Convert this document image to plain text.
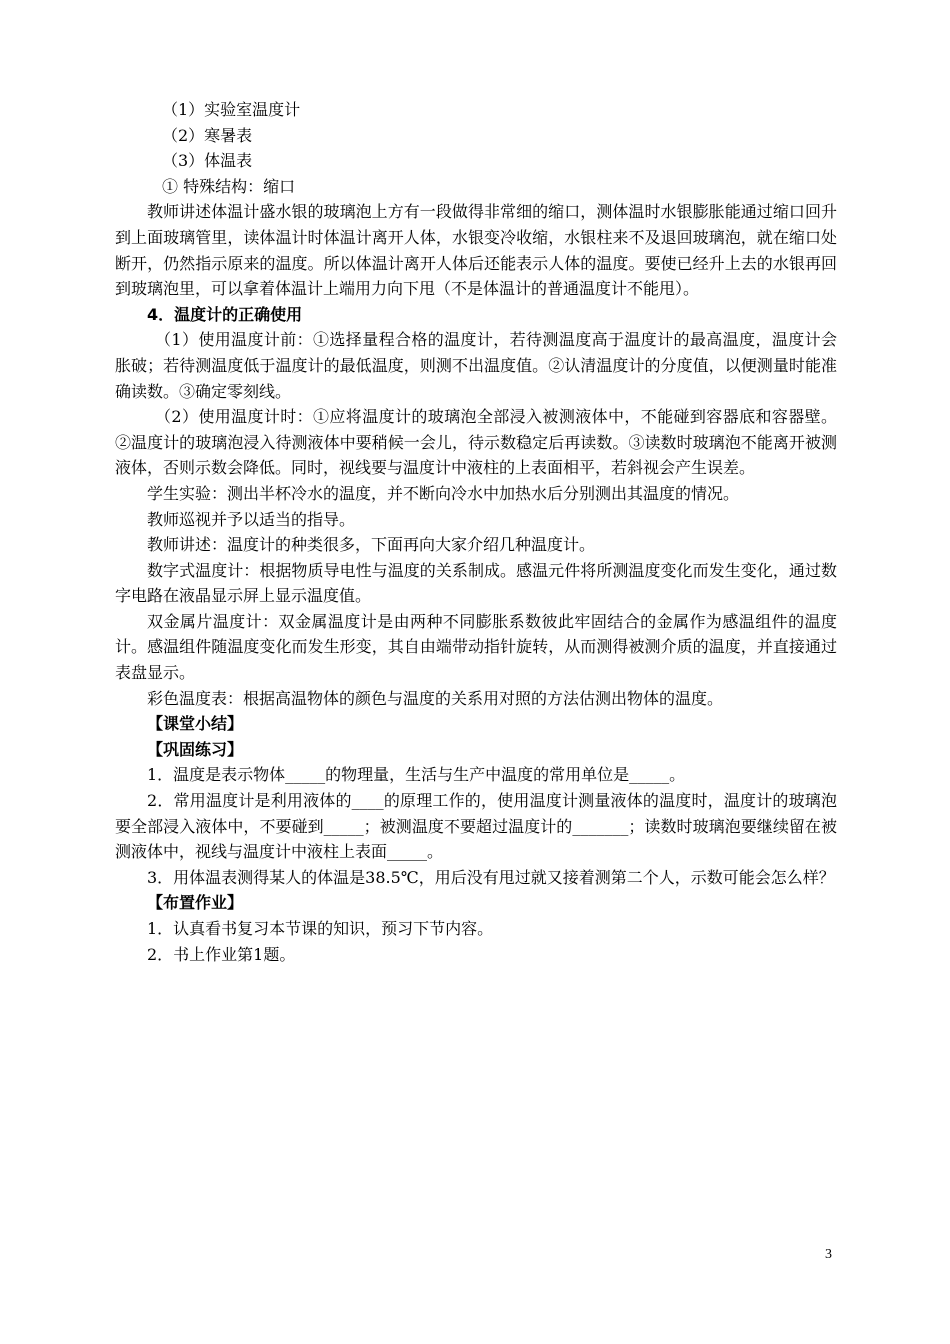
（1）实验室温度计

（2）寒暑表

（3）体温表

① 特殊结构：缩口

教师讲述体温计盛水银的玻璃泡上方有一段做得非常细的缩口，测体温时水银膨胀能通过缩口回升到上面玻璃管里，读体温计时体温计离开人体，水银变冷收缩，水银柱来不及退回玻璃泡，就在缩口处断开，仍然指示原来的温度。所以体温计离开人体后还能表示人体的温度。要使已经升上去的水银再回到玻璃泡里，可以拿着体温计上端用力向下甩（不是体温计的普通温度计不能甩）。

4．温度计的正确使用

（1）使用温度计前：①选择量程合格的温度计，若待测温度高于温度计的最高温度，温度计会胀破；若待测温度低于温度计的最低温度，则测不出温度值。②认清温度计的分度值，以便测量时能准确读数。③确定零刻线。

（2）使用温度计时：①应将温度计的玻璃泡全部浸入被测液体中，不能碰到容器底和容器壁。②温度计的玻璃泡浸入待测液体中要稍候一会儿，待示数稳定后再读数。③读数时玻璃泡不能离开被测液体，否则示数会降低。同时，视线要与温度计中液柱的上表面相平，若斜视会产生误差。

学生实验：测出半杯冷水的温度，并不断向冷水中加热水后分别测出其温度的情况。

教师巡视并予以适当的指导。

教师讲述：温度计的种类很多，下面再向大家介绍几种温度计。

数字式温度计：根据物质导电性与温度的关系制成。感温元件将所测温度变化而发生变化，通过数字电路在液晶显示屏上显示温度值。

双金属片温度计：双金属温度计是由两种不同膨胀系数彼此牢固结合的金属作为感温组件的温度计。感温组件随温度变化而发生形变，其自由端带动指针旋转，从而测得被测介质的温度，并直接通过表盘显示。

彩色温度表：根据高温物体的颜色与温度的关系用对照的方法估测出物体的温度。

【课堂小结】

【巩固练习】

1．温度是表示物体_____的物理量，生活与生产中温度的常用单位是_____。

2．常用温度计是利用液体的____的原理工作的，使用温度计测量液体的温度时，温度计的玻璃泡要全部浸入液体中，不要碰到_____；被测温度不要超过温度计的_______；读数时玻璃泡要继续留在被测液体中，视线与温度计中液柱上表面_____。

3．用体温表测得某人的体温是38.5℃，用后没有甩过就又接着测第二个人，示数可能会怎么样？

【布置作业】

1．认真看书复习本节课的知识，预习下节内容。

2．书上作业第1题。

3
